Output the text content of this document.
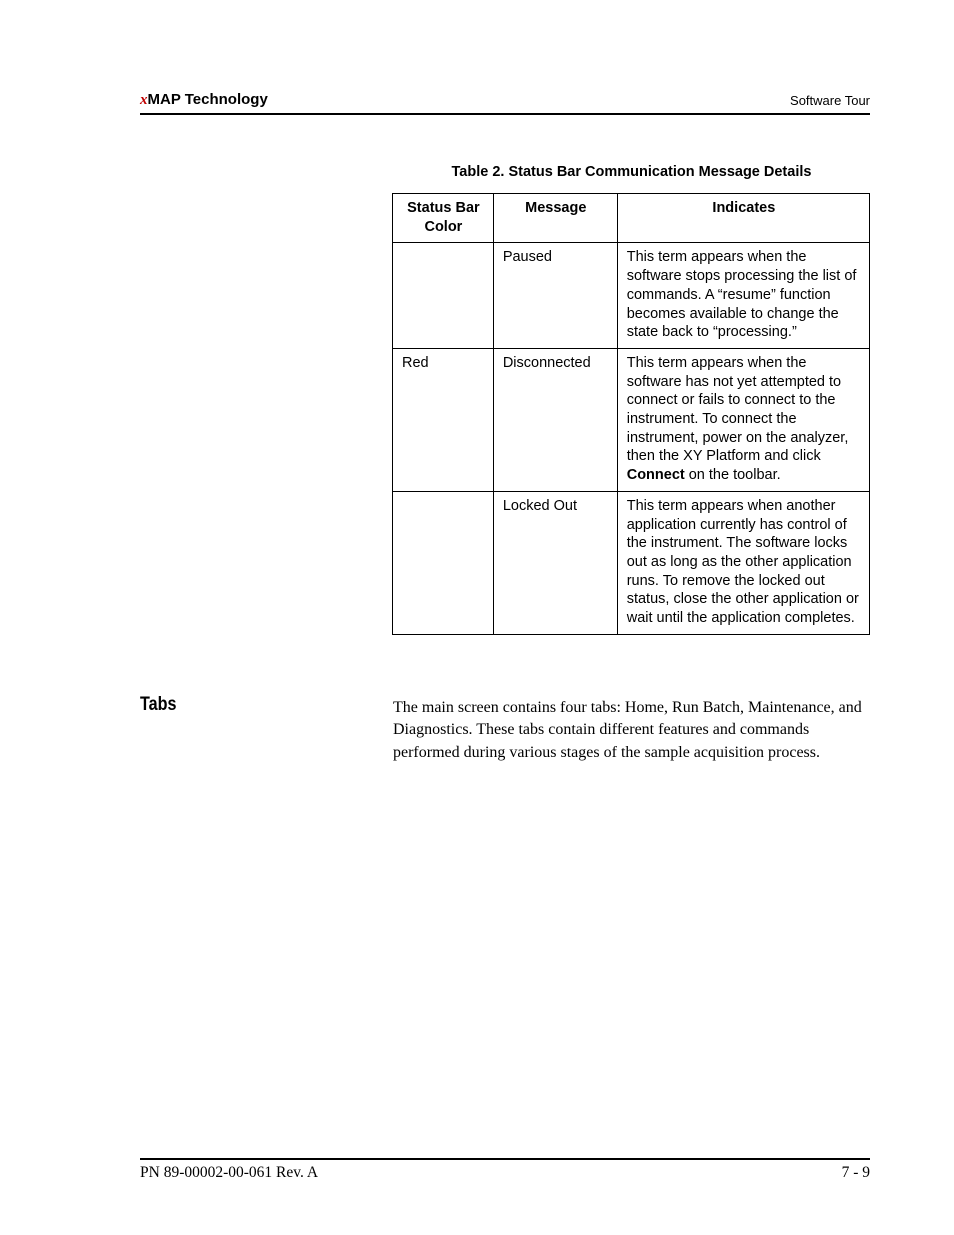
xMAP Technology	Software Tour
Table 2. Status Bar Communication Message Details
Status Bar Color	Message	Indicates
	Paused	This term appears when the software stops processing the list of commands. A “resume” function becomes available to change the state back to “processing.”
Red	Disconnected	This term appears when the software has not yet attempted to connect or fails to connect to the instrument. To connect the instrument, power on the analyzer, then the XY Platform and click Connect on the toolbar.
	Locked Out	This term appears when another application currently has control of the instrument. The software locks out as long as the other application runs. To remove the locked out status, close the other application or wait until the application completes.
Tabs	The main screen contains four tabs: Home, Run Batch, Maintenance, and Diagnostics. These tabs contain different features and commands performed during various stages of the sample acquisition process.
PN 89-00002-00-061 Rev. A	7 - 9
